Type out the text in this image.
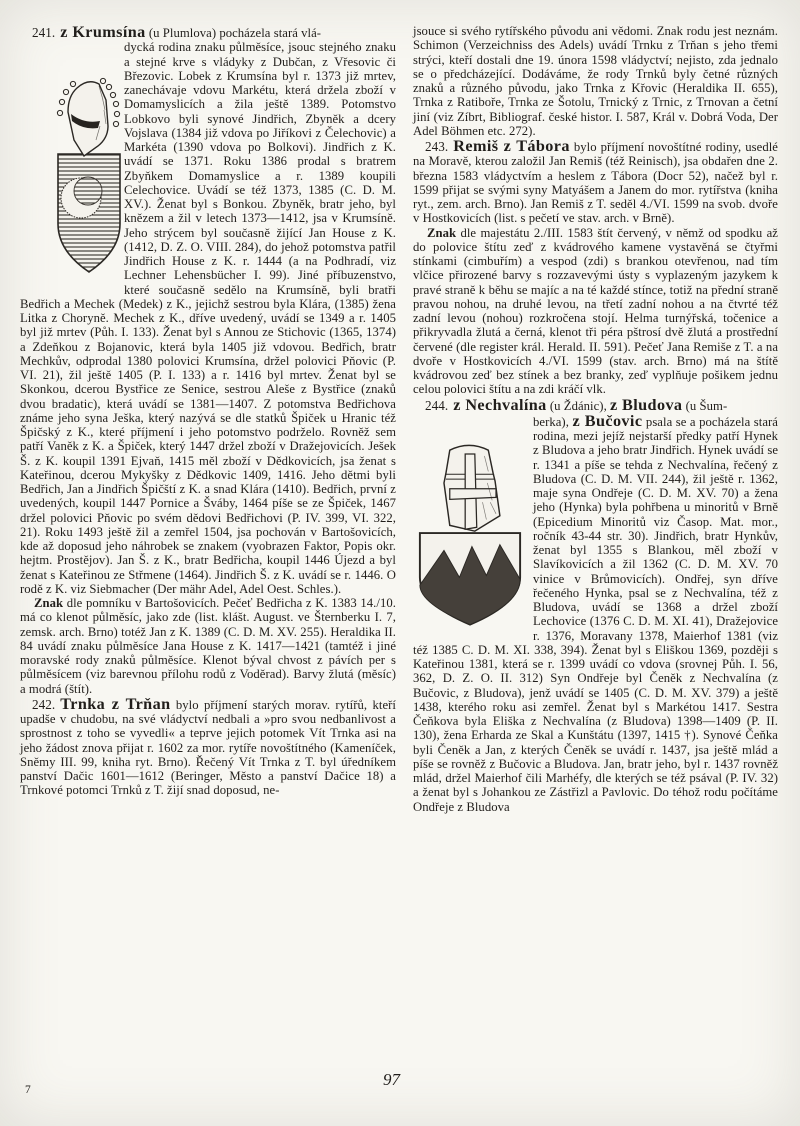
241. z Krumsína (u Plumlova) pocházela stará vlá-

dycká rodina znaku půlměsíce, jsouc stejného znaku a stejné krve s vládyky z Dubčan, z Vřesovic či Březovic. Lobek z Krumsína byl r. 1373 již mrtev, zanechávaje vdovu Markétu, která držela zboží v Domamyslicích a žila ještě 1389. Potomstvo Lobkovo byli synové Jindřich, Zbyněk a dcery Vojslava (1384 již vdova po Jiříkovi z Čelechovic) a Markéta (1390 vdova po Bolkovi). Jindřich z K. uvádí se 1371. Roku 1386 prodal s bratrem Zbyňkem Domamyslice a r. 1389 koupili Celechovice. Uvádí se též 1373, 1385 (C. D. M. XV.). Ženat byl s Bonkou. Zbyněk, bratr jeho, byl knězem a žil v letech 1373—1412, jsa v Krumsíně. Jeho strýcem byl současně žijící Jan House z K. (1412, D. Z. O. VIII. 284), do jehož potomstva patřil Jindřich House z K. r. 1444 (a na Podhradí, viz Lechner Lehensbücher I. 99). Jiné příbuzenstvo, které současně sedělo na Krumsíně, byli bratři Bedřich a Mechek (Medek) z K., jejichž sestrou byla Klára, (1385) žena Litka z Choryně. Mechek z K., dříve uvedený, uvádí se 1349 a r. 1405 byl již mrtev (Půh. I. 133). Ženat byl s Annou ze Stichovic (1365, 1374) a Zdeňkou z Bojanovic, která byla 1405 již vdovou. Bedřich, bratr Mechkův, odprodal 1380 polovici Krumsína, držel polovici Pňovic (P. VI. 21), žil ještě 1405 (P. I. 133) a r. 1416 byl mrtev. Ženat byl se Skonkou, dcerou Bystřice ze Senice, sestrou Aleše z Bystřice (znaků dvou bradatic), která uvádí se 1381—1407. Z potomstva Bedřichova známe jeho syna Ješka, který nazývá se dle statků Špiček u Hranic též Špičský z K., které příjmení i jeho potomstvo podrželo. Rovněž sem patří Vaněk z K. a Špiček, který 1447 držel zboží v Dražejovicích. Ješek Š. z K. koupil 1391 Ejvaň, 1415 měl zboží v Dědkovicích, jsa ženat s Kateřinou, dcerou Mykyšky z Dědkovic 1409, 1416. Jeho dětmi byli Bedřich, Jan a Jindřich Špičští z K. a snad Klára (1410). Bedřich, první z uvedených, koupil 1447 Pornice a Šváby, 1464 píše se ze Špiček, 1467 držel polovici Pňovic po svém dědovi Bedřichovi (P. IV. 399, VI. 322, 21). Roku 1493 ještě žil a zemřel 1504, jsa pochován v Bartošovicích, kde až doposud jeho náhrobek se znakem (vyobrazen Faktor, Popis okr. hejtm. Prostějov). Jan Š. z K., bratr Bedřicha, koupil 1446 Újezd a byl ženat s Kateřinou ze Střmene (1464). Jindřich Š. z K. uvádí se r. 1446. O rodě z K. viz Siebmacher (Der mähr Adel, Adel Oest. Schles.).

Znak dle pomníku v Bartošovicích. Pečeť Bedřicha z K. 1383 14./10. má co klenot půlměsíc, jako zde (list. klášt. August. ve Šternberku I. 7, zemsk. arch. Brno) totéž Jan z K. 1389 (C. D. M. XV. 255). Heraldika II. 84 uvádí znaku půlměsíce Jana House z K. 1417—1421 (tamtéž i jiné moravské rody znaků půlměsíce. Klenot býval chvost z pávích per s půlměsícem (viz barevnou přílohu rodů z Voděrad). Barvy žlutá (měsíc) a modrá (štít).

242. Trnka z Trňan bylo příjmení starých morav. rytířů, kteří upadše v chudobu, na své vládyctví nedbali a »pro svou nedbanlivost a sprostnost z toho se vyvedli« a teprve jejich potomek Vít Trnka asi na jeho žádost znova přijat r. 1602 za mor. rytíře novoštítného (Kameníček, Sněmy III. 99, kniha ryt. Brno). Řečený Vít Trnka z T. byl úředníkem panství Dačic 1601—1612 (Beringer, Město a panství Dačice 18) a Trnkové potomci Trnků z T. žijí snad doposud, ne-

jsouce si svého rytířského původu ani vědomi. Znak rodu jest neznám. Schimon (Verzeichniss des Adels) uvádí Trnku z Trňan s jeho třemi strýci, kteří dostali dne 19. února 1598 vládyctví; nejisto, zda jednalo se o předcházející. Dodáváme, že rody Trnků byly četné různých znaků a různého původu, jako Trnka z Křovic (Heraldika II. 655), Trnka z Ratiboře, Trnka ze Šotolu, Trnický z Trnic, z Trnovan a četní jiní (viz Zíbrt, Bibliograf. české histor. I. 587, Král v. Dobrá Voda, Der Adel Böhmen etc. 272).

243. Remiš z Tábora bylo příjmení novoštítné rodiny, usedlé na Moravě, kterou založil Jan Remiš (též Reinisch), jsa obdařen dne 2. března 1583 vládyctvím a heslem z Tábora (Docr 52), načež byl r. 1599 přijat se svými syny Matyášem a Janem do mor. rytířstva (kniha ryt., zem. arch. Brno). Jan Remiš z T. seděl 4./VI. 1599 na svob. dvoře v Hostkovicích (list. s pečetí ve stav. arch. v Brně).

Znak dle majestátu 2./III. 1583 štít červený, v němž od spodku až do polovice štítu zeď z kvádrového kamene vystavěná se čtyřmi stínkami (cimbuřím) a vespod (zdi) s brankou otevřenou, nad tím vlčice přirozené barvy s rozzavevými ústy s vyplazeným jazykem k pravé straně k běhu se majíc a na té každé stínce, totiž na přední straně pravou nohou, na druhé levou, na třetí zadní nohou a na čtvrté též zadní levou (nohou) rozkročena stojí. Helma turnýřská, točenice a přikryvadla žlutá a černá, klenot tři péra pštrosí dvě žlutá a prostřední červené (dle register král. Herald. II. 591). Pečeť Jana Remiše z T. a na dvoře v Hostkovicích 4./VI. 1599 (stav. arch. Brno) má na štítě kvádrovou zeď bez stínek a bez branky, zeď vyplňuje pošikem jednu celou polovici štítu a na zdi kráčí vlk.

244. z Nechvalína (u Ždánic), z Bludova (u Šum-

berka), z Bučovic psala se a pocházela stará rodina, mezi jejíž nejstarší předky patří Hynek z Bludova a jeho bratr Jindřich. Hynek uvádí se r. 1341 a píše se tehda z Nechvalína, řečený z Bludova (C. D. M. VII. 244), žil ještě r. 1362, maje syna Ondřeje (C. D. M. XV. 70) a žena jeho (Hynka) byla pohřbena u minoritů v Brně (Epicedium Minoritů viz Časop. Mat. mor., ročník 43-44 str. 30). Jindřich, bratr Hynkův, ženat byl 1355 s Blankou, měl zboží v Slavíkovicích a žil 1362 (C. D. M. XV. 70 vinice v Brůmovicích). Ondřej, syn dříve řečeného Hynka, psal se z Nechvalína, též z Bludova, uvádí se 1368 a držel zboží Lechovice (1376 C. D. M. XI. 41), Dražejovice r. 1376, Moravany 1378, Maierhof 1381 (viz též 1385 C. D. M. XI. 338, 394). Ženat byl s Eliškou 1369, později s Kateřinou 1381, která se r. 1399 uvádí co vdova (srovnej Půh. I. 56, 362, D. Z. O. II. 312) Syn Ondřeje byl Čeněk z Nechvalína (z Bučovic, z Bludova), jenž uvádí se 1405 (C. D. M. XV. 379) a ještě 1438, kterého roku asi zemřel. Ženat byl s Markétou 1417. Sestra Čeňkova byla Eliška z Nechvalína (z Bludova) 1398—1409 (P. II. 130), žena Erharda ze Skal a Kunštátu (1397, 1415 †). Synové Čeňka byli Čeněk a Jan, z kterých Čeněk se uvádí r. 1437, jsa ještě mlád a píše se rovněž z Bučovic a Bludova. Jan, bratr jeho, byl r. 1437 rovněž mlád, držel Maierhof čili Marhéfy, dle kterých se též psával (P. IV. 32) a ženat byl s Johankou ze Zástřizl a Pavlovic. Do téhož rodu počítáme Ondřeje z Bludova

7
97
